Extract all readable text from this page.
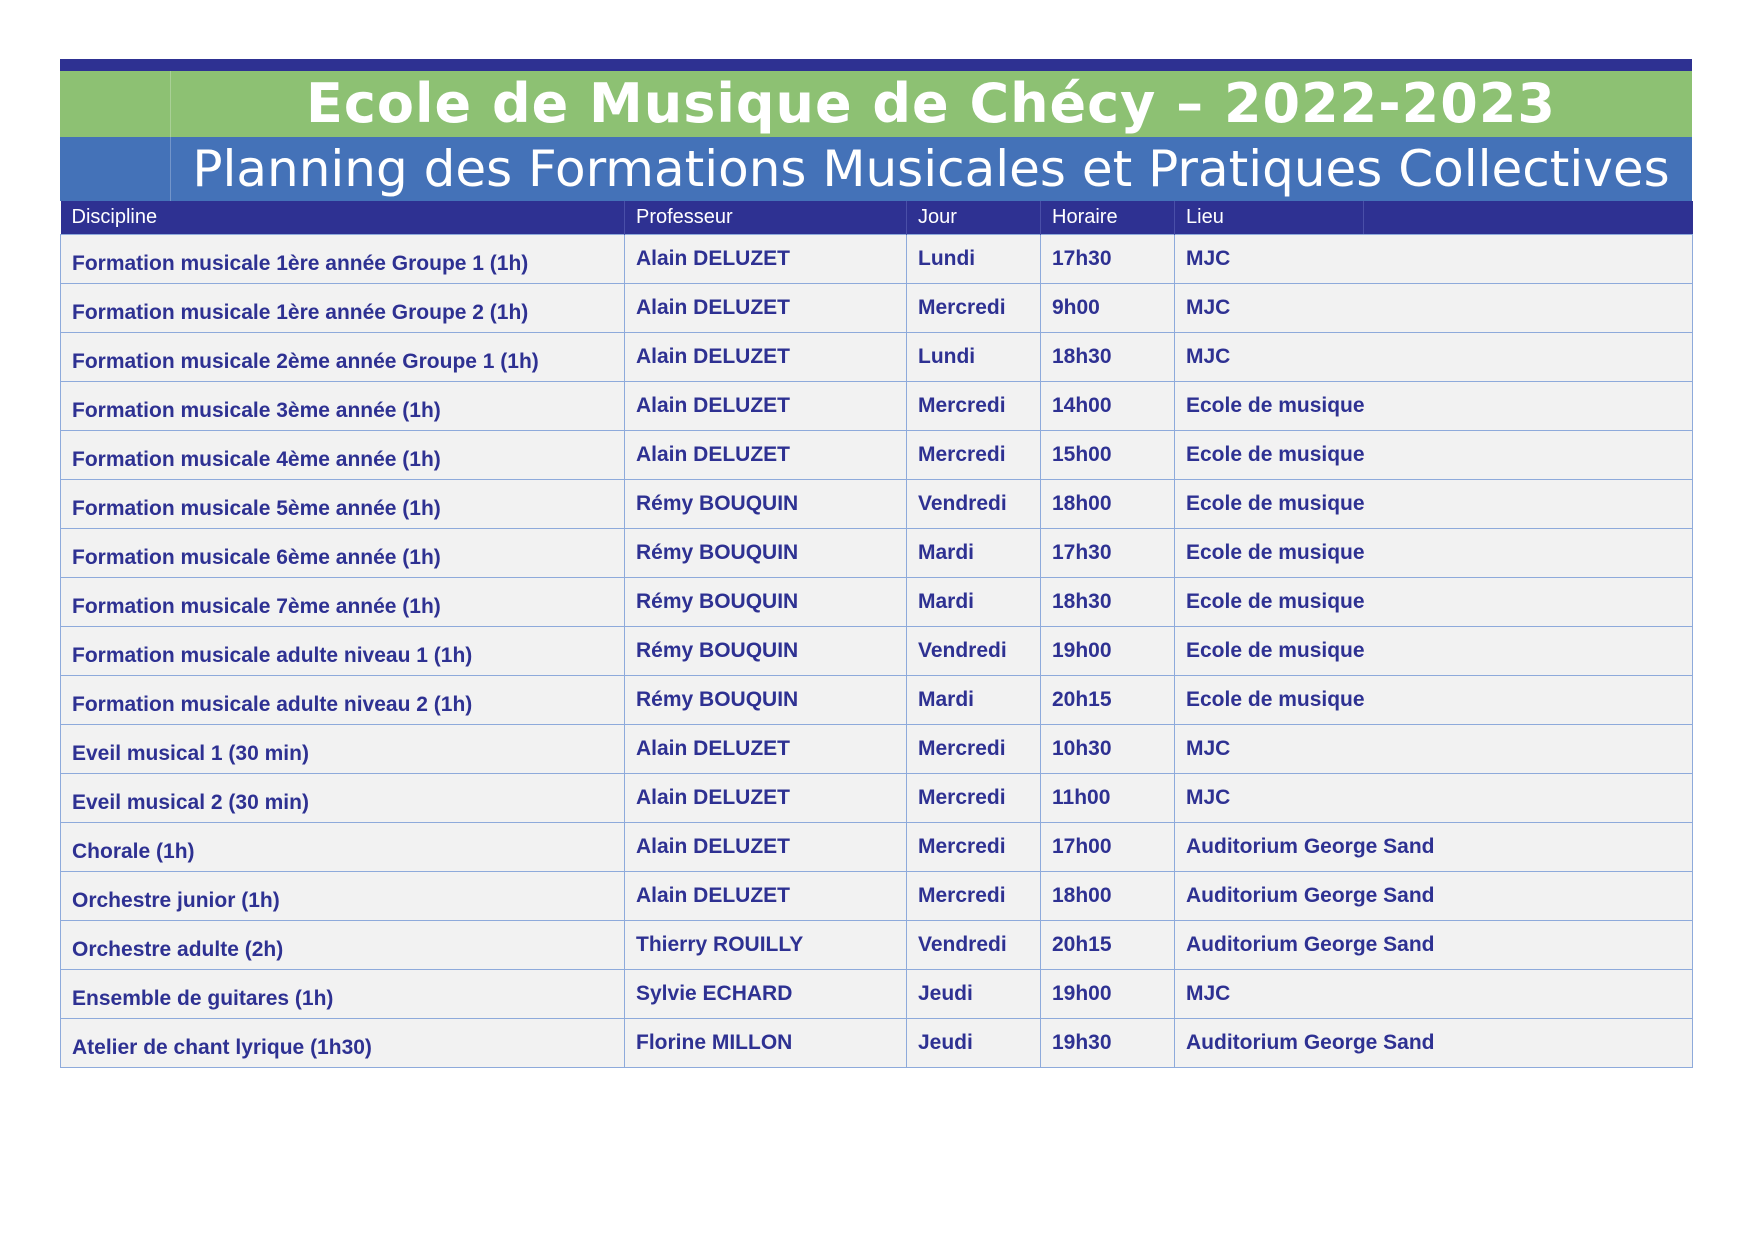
Ecole de Musique de Chécy – 2022-2023
Planning des Formations Musicales et Pratiques Collectives
Discipline	Professeur	Jour	Horaire	Lieu

Formation musicale 1ère année Groupe 1 (1h)	Alain DELUZET	Lundi	17h30	MJC
Formation musicale 1ère année Groupe 2 (1h)	Alain DELUZET	Mercredi	9h00	MJC
Formation musicale 2ème année Groupe 1 (1h)	Alain DELUZET	Lundi	18h30	MJC
Formation musicale 3ème année (1h)	Alain DELUZET	Mercredi	14h00	Ecole de musique
Formation musicale 4ème année (1h)	Alain DELUZET	Mercredi	15h00	Ecole de musique
Formation musicale 5ème année (1h)	Rémy BOUQUIN	Vendredi	18h00	Ecole de musique
Formation musicale 6ème année (1h)	Rémy BOUQUIN	Mardi	17h30	Ecole de musique
Formation musicale 7ème année (1h)	Rémy BOUQUIN	Mardi	18h30	Ecole de musique
Formation musicale adulte niveau 1 (1h)	Rémy BOUQUIN	Vendredi	19h00	Ecole de musique
Formation musicale adulte niveau 2 (1h)	Rémy BOUQUIN	Mardi	20h15	Ecole de musique
Eveil musical 1 (30 min)	Alain DELUZET	Mercredi	10h30	MJC
Eveil musical 2 (30 min)	Alain DELUZET	Mercredi	11h00	MJC
Chorale (1h)	Alain DELUZET	Mercredi	17h00	Auditorium George Sand
Orchestre junior (1h)	Alain DELUZET	Mercredi	18h00	Auditorium George Sand
Orchestre adulte (2h)	Thierry ROUILLY	Vendredi	20h15	Auditorium George Sand
Ensemble de guitares (1h)	Sylvie ECHARD	Jeudi	19h00	MJC
Atelier de chant lyrique (1h30)	Florine MILLON	Jeudi	19h30	Auditorium George Sand
